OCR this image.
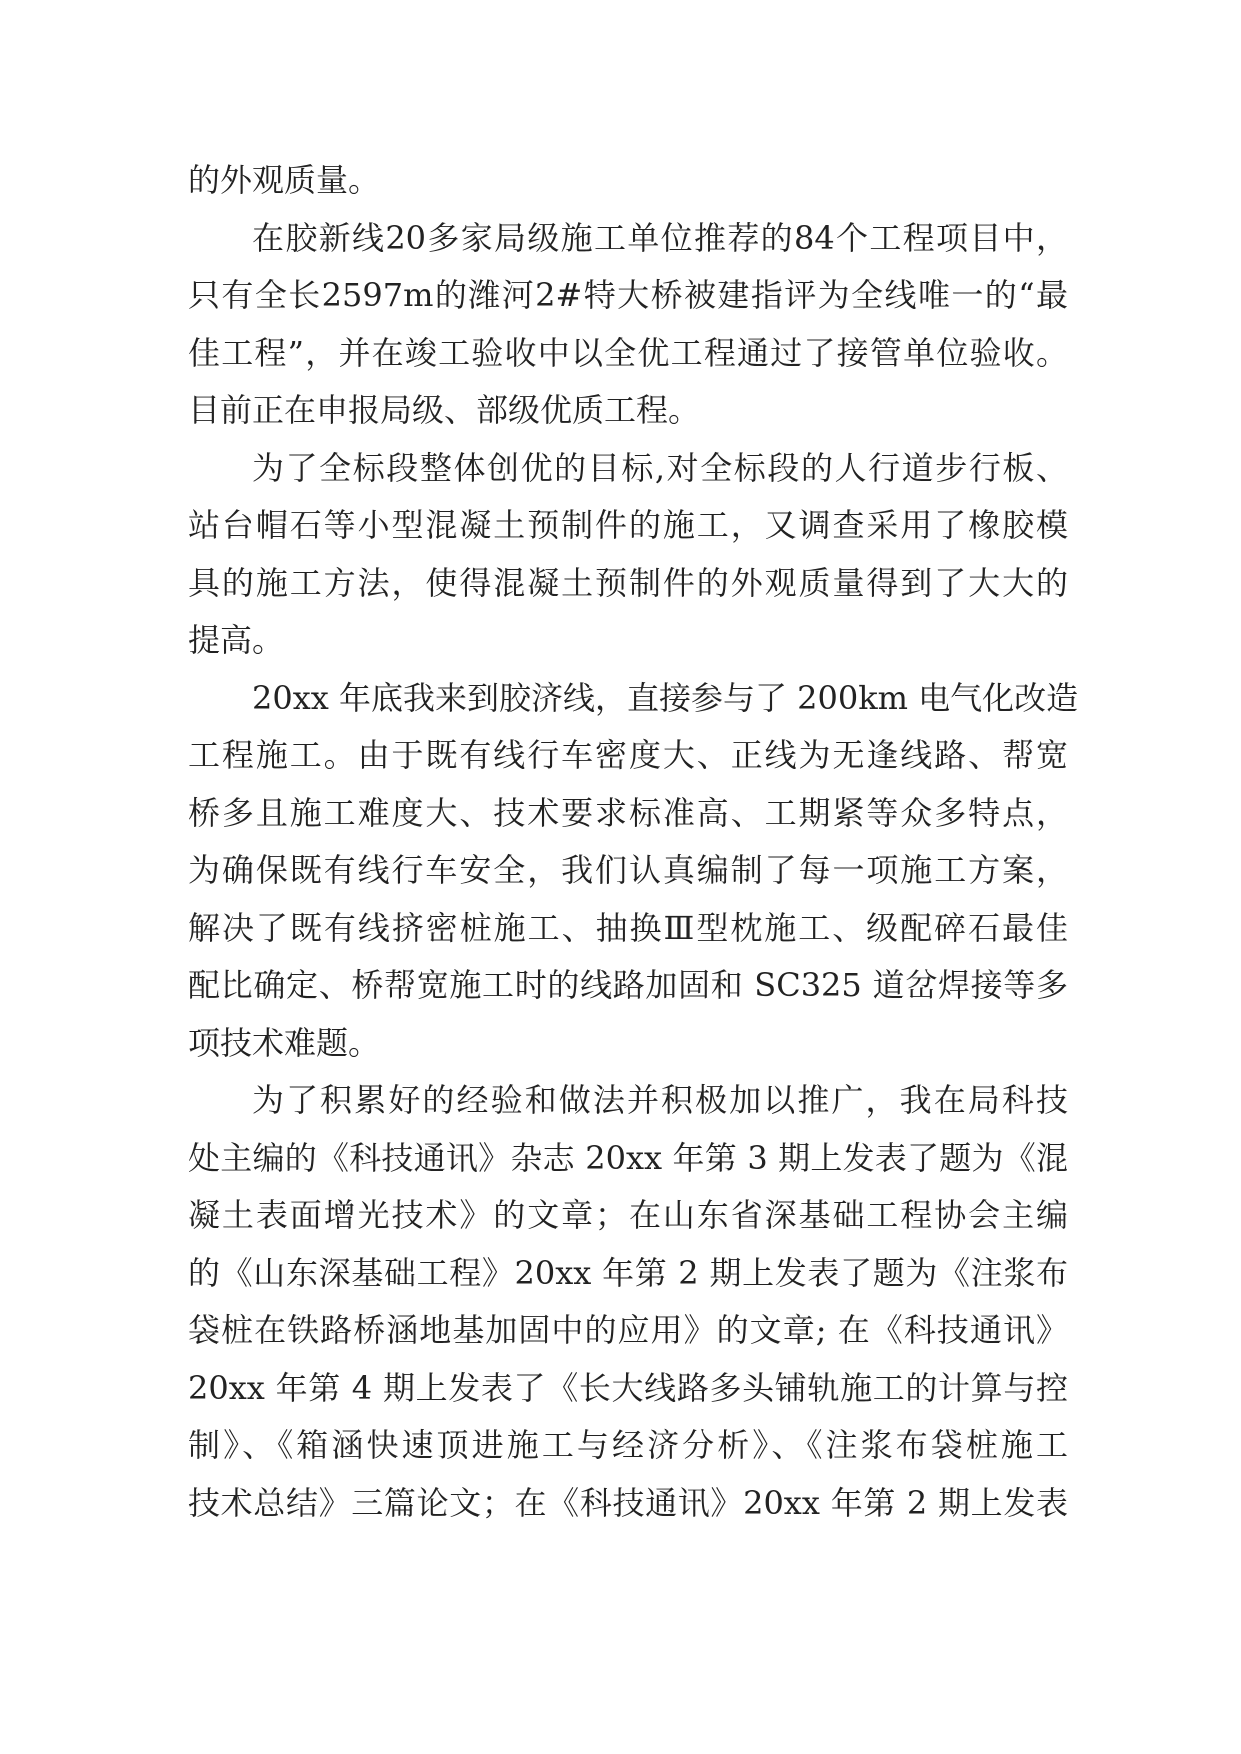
的外观质量。
在胶新线20多家局级施工单位推荐的84个工程项目中，
只有全长2597m的潍河2#特大桥被建指评为全线唯一的“最
佳工程”，并在竣工验收中以全优工程通过了接管单位验收。
目前正在申报局级、部级优质工程。
为了全标段整体创优的目标,对全标段的人行道步行板、
站台帽石等小型混凝土预制件的施工，又调查采用了橡胶模
具的施工方法，使得混凝土预制件的外观质量得到了大大的
提高。
20xx 年底我来到胶济线，直接参与了 200km 电气化改造
工程施工。由于既有线行车密度大、正线为无逢线路、帮宽
桥多且施工难度大、技术要求标准高、工期紧等众多特点，
为确保既有线行车安全，我们认真编制了每一项施工方案，
解决了既有线挤密桩施工、抽换Ⅲ型枕施工、级配碎石最佳
配比确定、桥帮宽施工时的线路加固和 SC325 道岔焊接等多
项技术难题。
为了积累好的经验和做法并积极加以推广，我在局科技
处主编的《科技通讯》杂志 20xx 年第 3 期上发表了题为《混
凝土表面增光技术》的文章；在山东省深基础工程协会主编
的《山东深基础工程》20xx 年第 2 期上发表了题为《注浆布
袋桩在铁路桥涵地基加固中的应用》的文章; 在《科技通讯》
20xx 年第 4 期上发表了《长大线路多头铺轨施工的计算与控
制》、《箱涵快速顶进施工与经济分析》、《注浆布袋桩施工
技术总结》三篇论文；在《科技通讯》20xx 年第 2 期上发表
